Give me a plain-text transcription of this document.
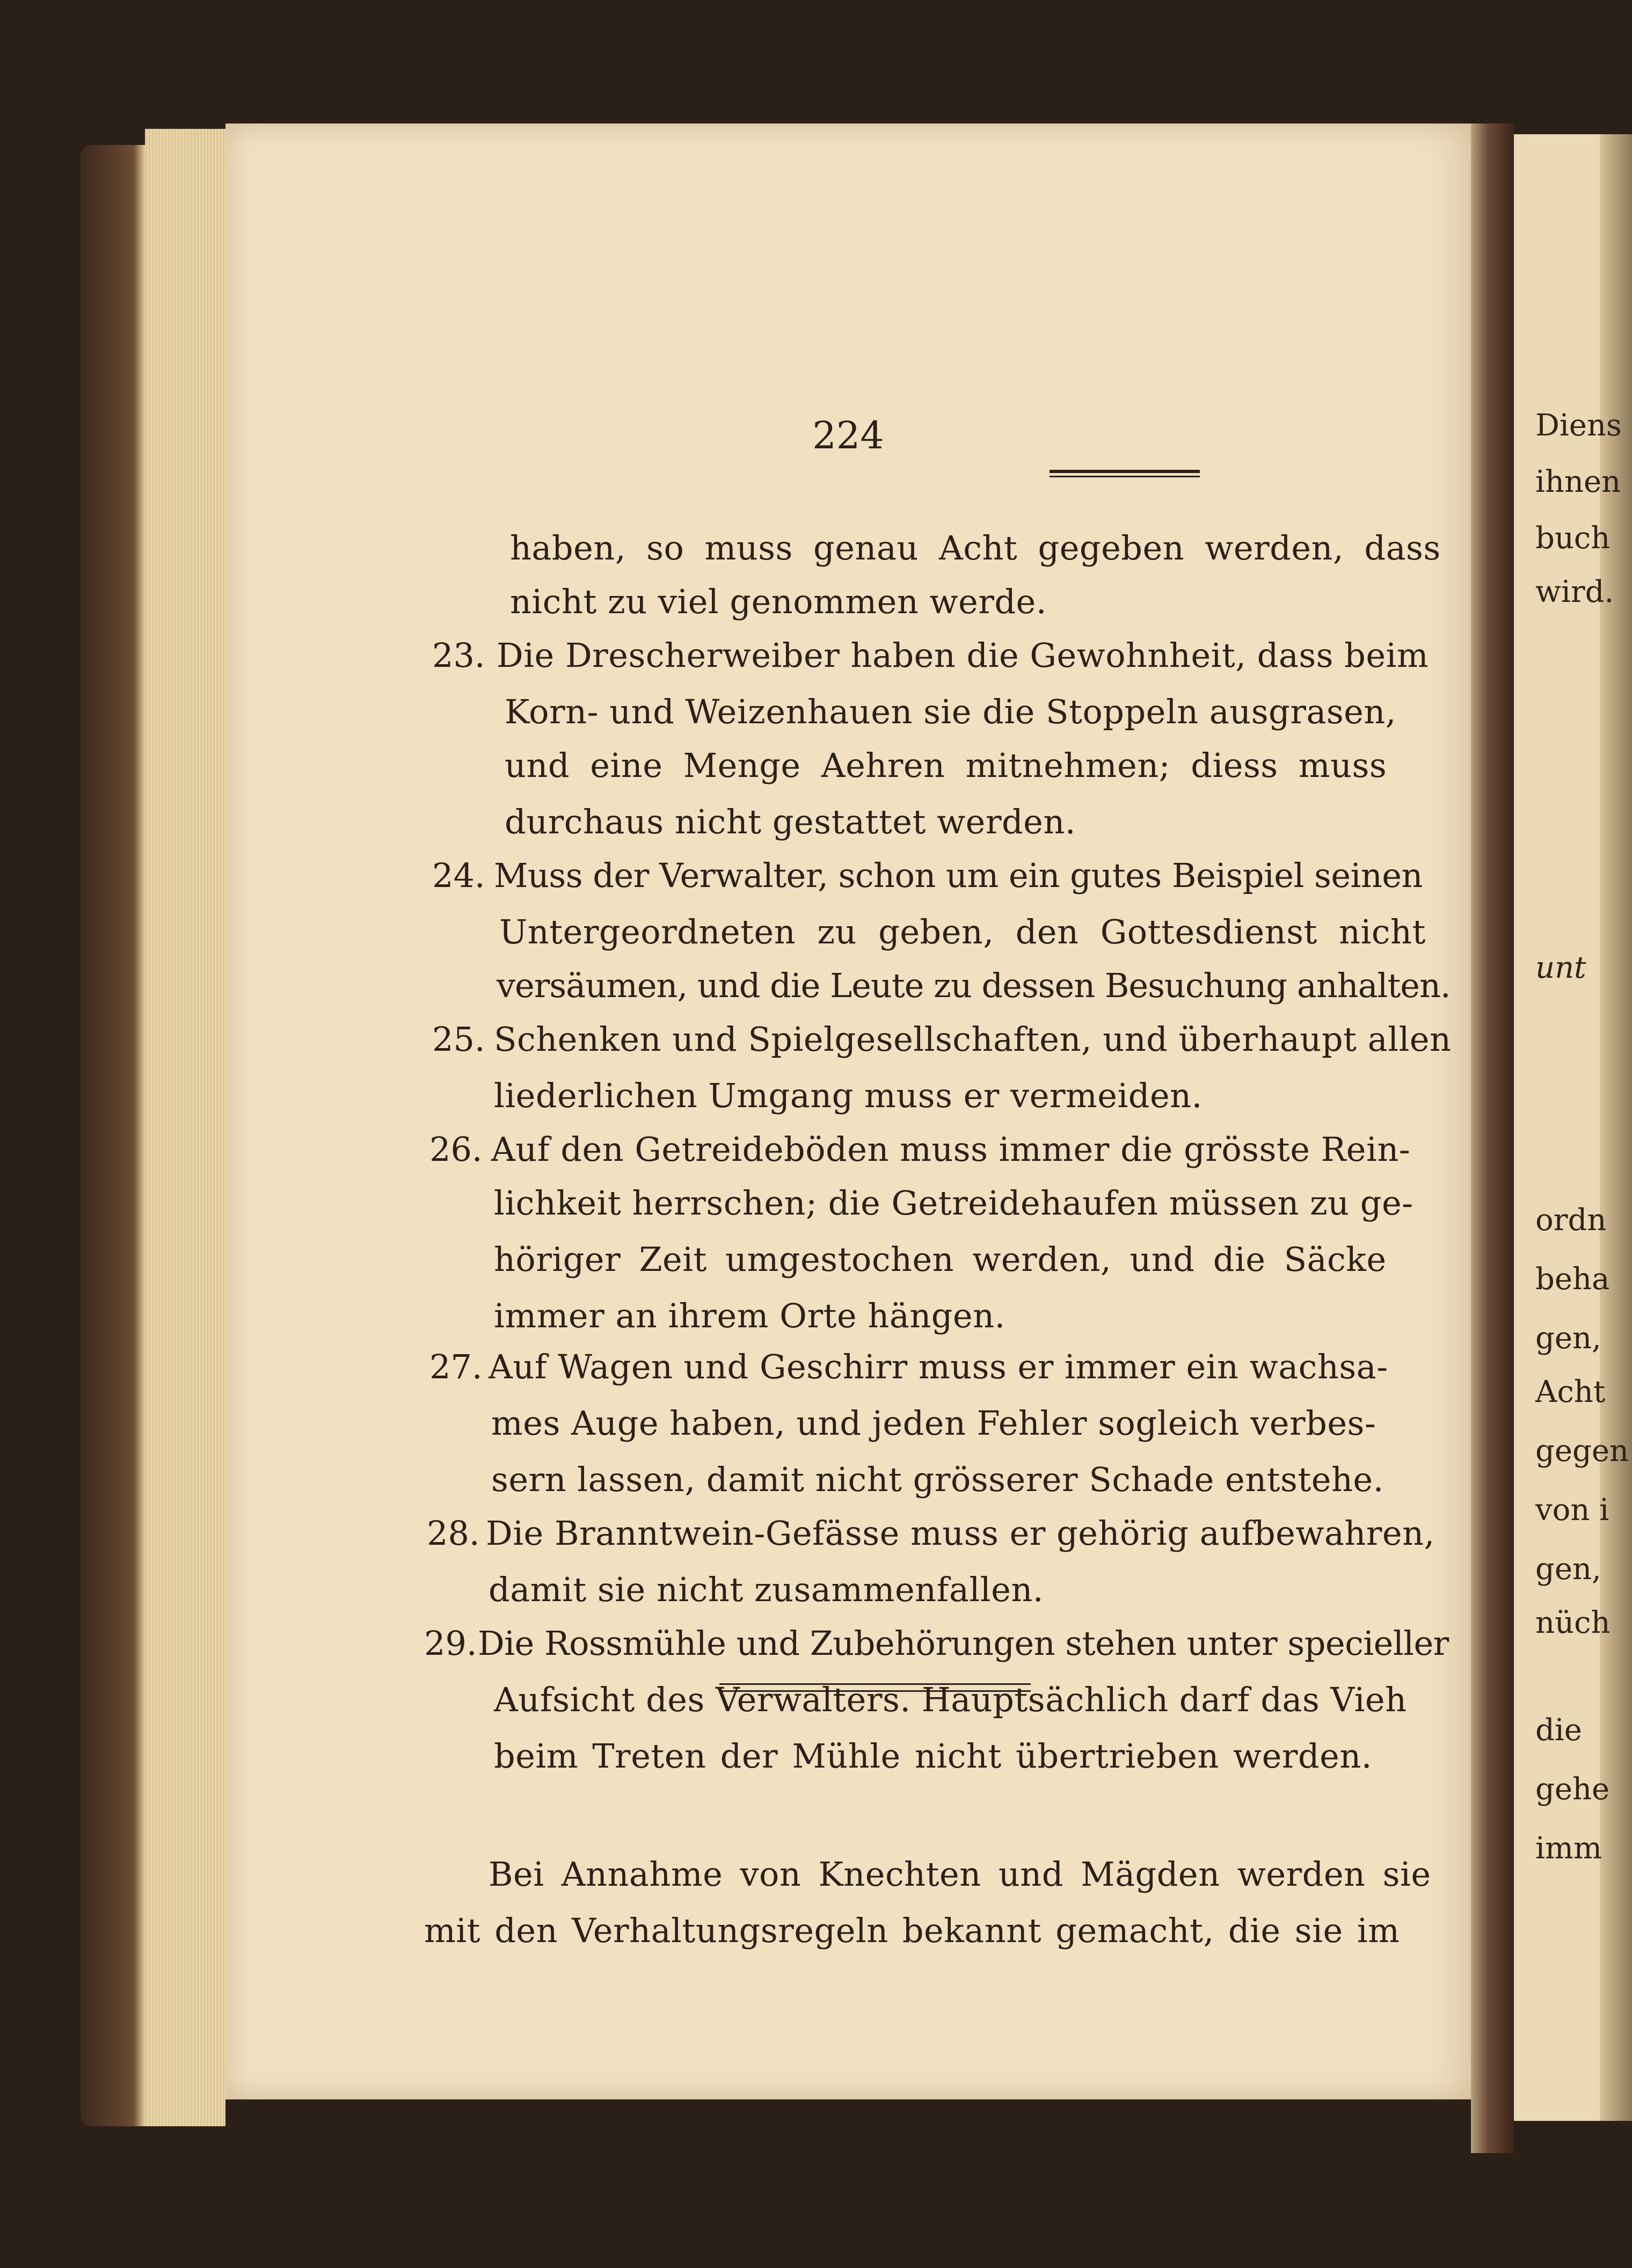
Diens
ihnen
buch
wird.
unt
ordn
beha
gen,
Acht
gegen
von i
gen,
nüch
die
gehe
imm
224
haben, so muss genau Acht gegeben werden, dass
nicht zu viel genommen werde.
23. Die Drescherweiber haben die Gewohnheit, dass beim
Korn- und Weizenhauen sie die Stoppeln ausgrasen,
und eine Menge Aehren mitnehmen; diess muss
durchaus nicht gestattet werden.
24. Muss der Verwalter, schon um ein gutes Beispiel seinen
Untergeordneten zu geben, den Gottesdienst nicht
versäumen, und die Leute zu dessen Besuchung anhalten.
25. Schenken und Spielgesellschaften, und überhaupt allen
liederlichen Umgang muss er vermeiden.
26. Auf den Getreideböden muss immer die grösste Rein-
lichkeit herrschen; die Getreidehaufen müssen zu ge-
höriger Zeit umgestochen werden, und die Säcke
immer an ihrem Orte hängen.
27. Auf Wagen und Geschirr muss er immer ein wachsa-
mes Auge haben, und jeden Fehler sogleich verbes-
sern lassen, damit nicht grösserer Schade entstehe.
28. Die Branntwein-Gefässe muss er gehörig aufbewahren,
damit sie nicht zusammenfallen.
29. Die Rossmühle und Zubehörungen stehen unter specieller
Aufsicht des Verwalters. Hauptsächlich darf das Vieh
beim Treten der Mühle nicht übertrieben werden.
Bei Annahme von Knechten und Mägden werden sie
mit den Verhaltungsregeln bekannt gemacht, die sie im
